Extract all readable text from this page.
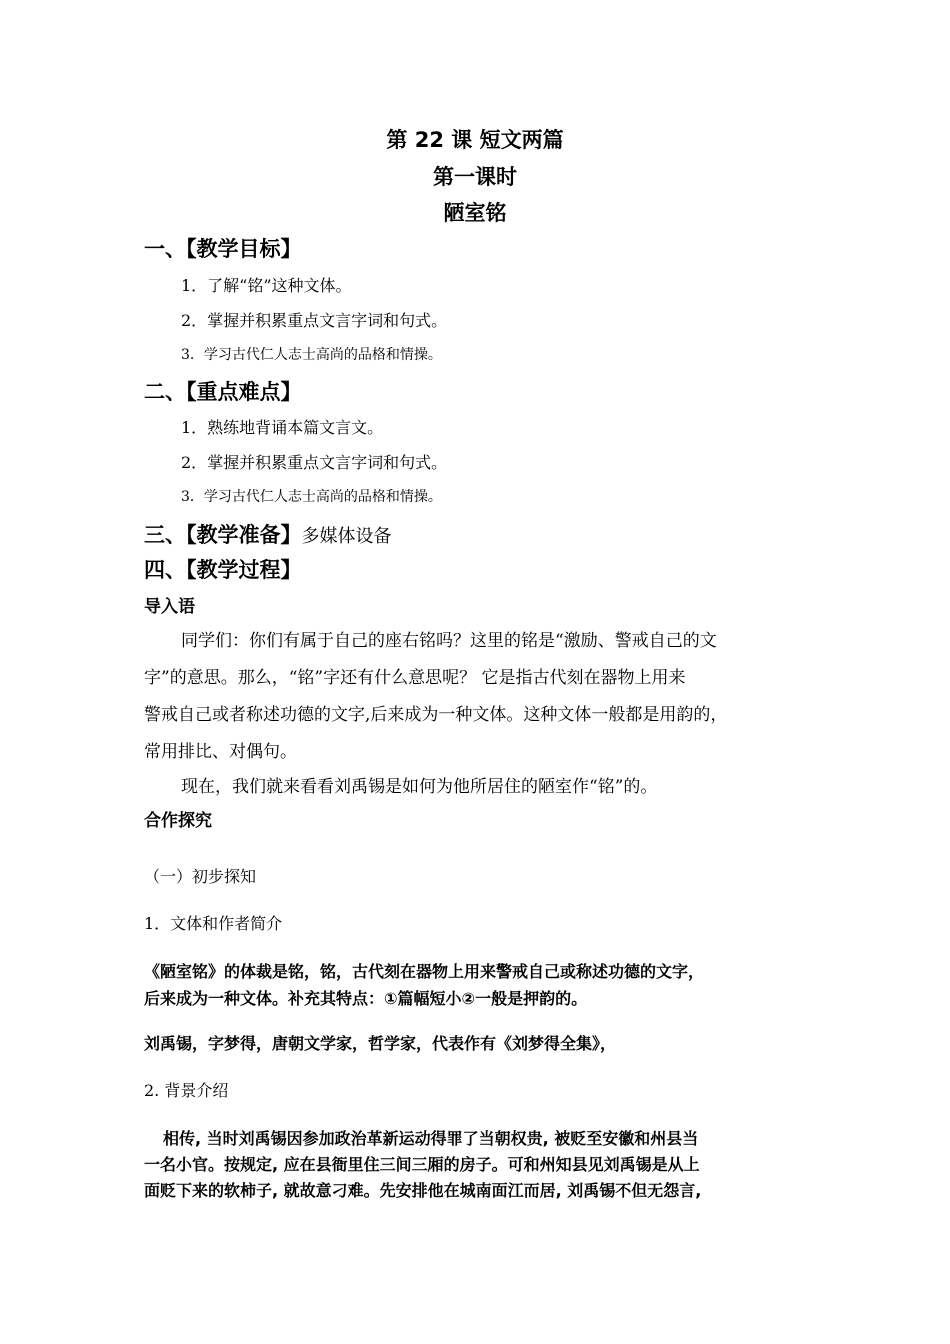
第 22 课 短文两篇
第一课时
陋室铭
一、【教学目标】
1．了解“铭”这种文体。
2．掌握并积累重点文言字词和句式。
3．学习古代仁人志士高尚的品格和情操。
二、【重点难点】
1．熟练地背诵本篇文言文。
2．掌握并积累重点文言字词和句式。
3．学习古代仁人志士高尚的品格和情操。
三、【教学准备】多媒体设备
四、【教学过程】
导入语
同学们：你们有属于自己的座右铭吗？这里的铭是“激励、警戒自己的文
字”的意思。那么，“铭”字还有什么意思呢？ 它是指古代刻在器物上用来
警戒自己或者称述功德的文字,后来成为一种文体。这种文体一般都是用韵的，
常用排比、对偶句。
现在，我们就来看看刘禹锡是如何为他所居住的陋室作“铭”的。
合作探究
（一）初步探知
1．文体和作者简介
《陋室铭》的体裁是铭，铭，古代刻在器物上用来警戒自己或称述功德的文字，
后来成为一种文体。补充其特点：①篇幅短小②一般是押韵的。
刘禹锡，字梦得，唐朝文学家，哲学家，代表作有《刘梦得全集》，
2. 背景介绍
相传, 当时刘禹锡因参加政治革新运动得罪了当朝权贵, 被贬至安徽和州县当
一名小官。按规定, 应在县衙里住三间三厢的房子。可和州知县见刘禹锡是从上
面贬下来的软柿子, 就故意刁难。先安排他在城南面江而居, 刘禹锡不但无怨言,
